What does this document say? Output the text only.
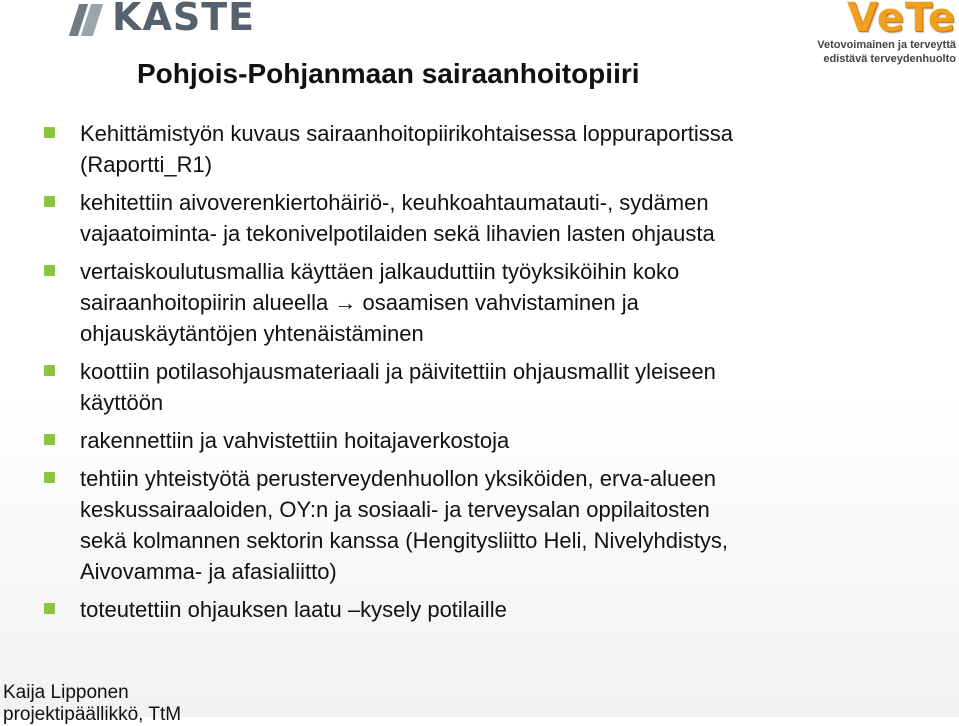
KASTE	VeTe
Vetovoimainen ja terveyttä
edistävä terveydenhuolto
Pohjois-Pohjanmaan sairaanhoitopiiri
Kehittämistyön kuvaus sairaanhoitopiirikohtaisessa loppuraportissa
(Raportti_R1)
kehitettiin aivoverenkiertohäiriö-, keuhkoahtaumatauti-, sydämen
vajaatoiminta- ja tekonivelpotilaiden sekä lihavien lasten ohjausta
vertaiskoulutusmallia käyttäen jalkauduttiin työyksiköihin koko
sairaanhoitopiirin alueella → osaamisen vahvistaminen ja
ohjauskäytäntöjen yhtenäistäminen
koottiin potilasohjausmateriaali ja päivitettiin ohjausmallit yleiseen
käyttöön
rakennettiin ja vahvistettiin hoitajaverkostoja
tehtiin yhteistyötä perusterveydenhuollon yksiköiden, erva-alueen
keskussairaaloiden, OY:n ja sosiaali- ja terveysalan oppilaitosten
sekä kolmannen sektorin kanssa (Hengitysliitto Heli, Nivelyhdistys,
Aivovamma- ja afasialiitto)
toteutettiin ohjauksen laatu –kysely potilaille
Kaija Lipponen
projektipäällikkö, TtM
